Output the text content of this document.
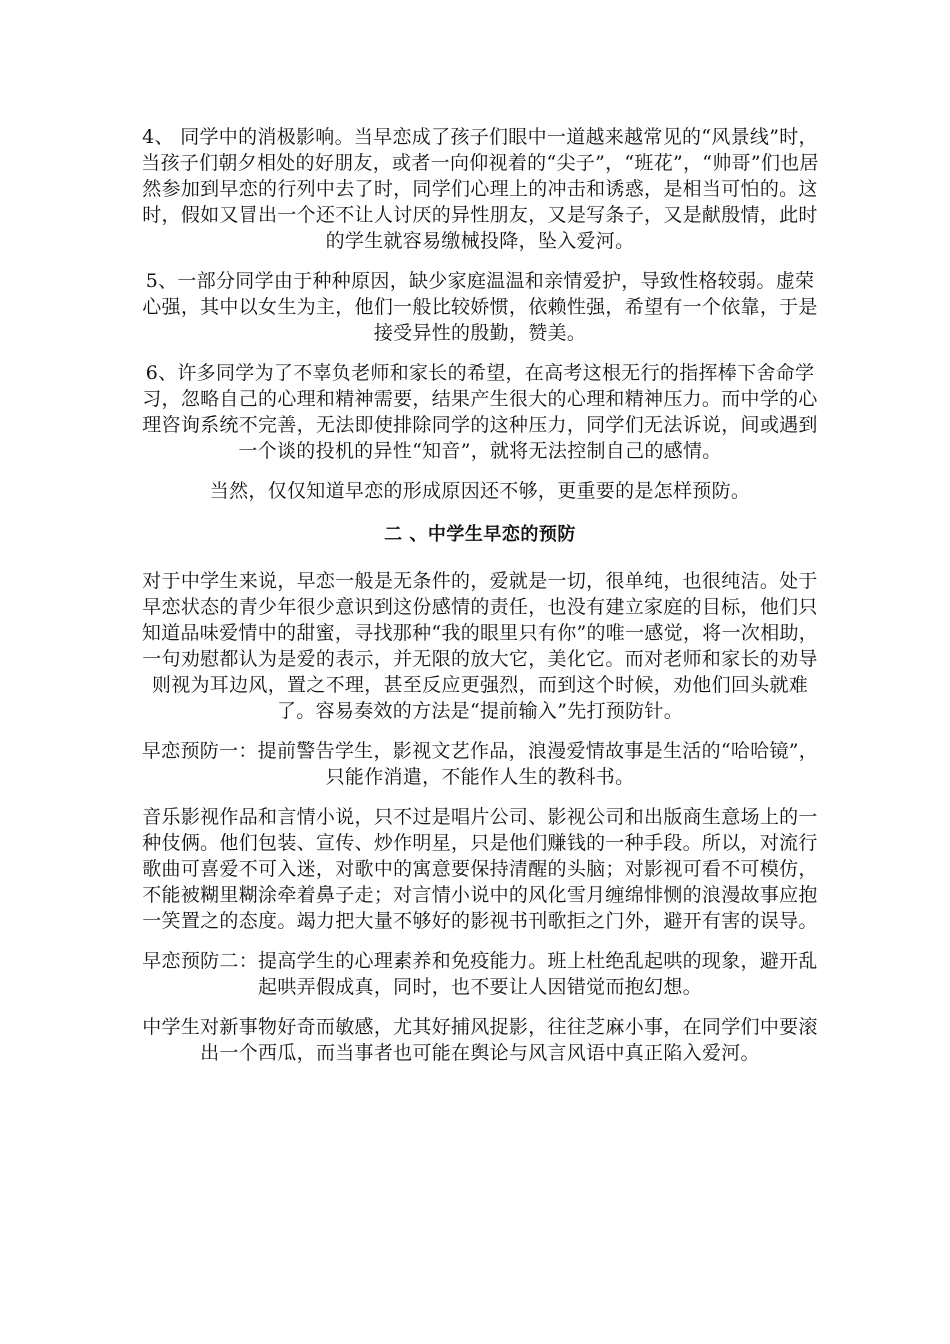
4、 同学中的消极影响。当早恋成了孩子们眼中一道越来越常见的“风景线”时，当孩子们朝夕相处的好朋友，或者一向仰视着的“尖子”，“班花”，“帅哥”们也居然参加到早恋的行列中去了时，同学们心理上的冲击和诱惑，是相当可怕的。这时，假如又冒出一个还不让人讨厌的异性朋友，又是写条子，又是献殷情，此时的学生就容易缴械投降，坠入爱河。

5、一部分同学由于种种原因，缺少家庭温温和亲情爱护，导致性格较弱。虚荣心强，其中以女生为主，他们一般比较娇惯，依赖性强，希望有一个依靠，于是接受异性的殷勤，赞美。

6、许多同学为了不辜负老师和家长的希望，在高考这根无行的指挥棒下舍命学习，忽略自己的心理和精神需要，结果产生很大的心理和精神压力。而中学的心理咨询系统不完善，无法即使排除同学的这种压力，同学们无法诉说，间或遇到一个谈的投机的异性“知音”，就将无法控制自己的感情。

当然，仅仅知道早恋的形成原因还不够，更重要的是怎样预防。

二 、中学生早恋的预防

对于中学生来说，早恋一般是无条件的，爱就是一切，很单纯，也很纯洁。处于早恋状态的青少年很少意识到这份感情的责任，也没有建立家庭的目标，他们只知道品味爱情中的甜蜜，寻找那种“我的眼里只有你”的唯一感觉，将一次相助，一句劝慰都认为是爱的表示，并无限的放大它，美化它。而对老师和家长的劝导则视为耳边风，置之不理，甚至反应更强烈，而到这个时候，劝他们回头就难了。容易奏效的方法是“提前输入”先打预防针。

早恋预防一：提前警告学生，影视文艺作品，浪漫爱情故事是生活的“哈哈镜”，只能作消遣，不能作人生的教科书。

音乐影视作品和言情小说，只不过是唱片公司、影视公司和出版商生意场上的一种伎俩。他们包装、宣传、炒作明星，只是他们赚钱的一种手段。所以，对流行歌曲可喜爱不可入迷，对歌中的寓意要保持清醒的头脑；对影视可看不可模仿，不能被糊里糊涂牵着鼻子走；对言情小说中的风化雪月缠绵悱恻的浪漫故事应抱一笑置之的态度。竭力把大量不够好的影视书刊歌拒之门外，避开有害的误导。

早恋预防二：提高学生的心理素养和免疫能力。班上杜绝乱起哄的现象，避开乱起哄弄假成真，同时，也不要让人因错觉而抱幻想。

中学生对新事物好奇而敏感，尤其好捕风捉影，往往芝麻小事，在同学们中要滚出一个西瓜，而当事者也可能在舆论与风言风语中真正陷入爱河。
